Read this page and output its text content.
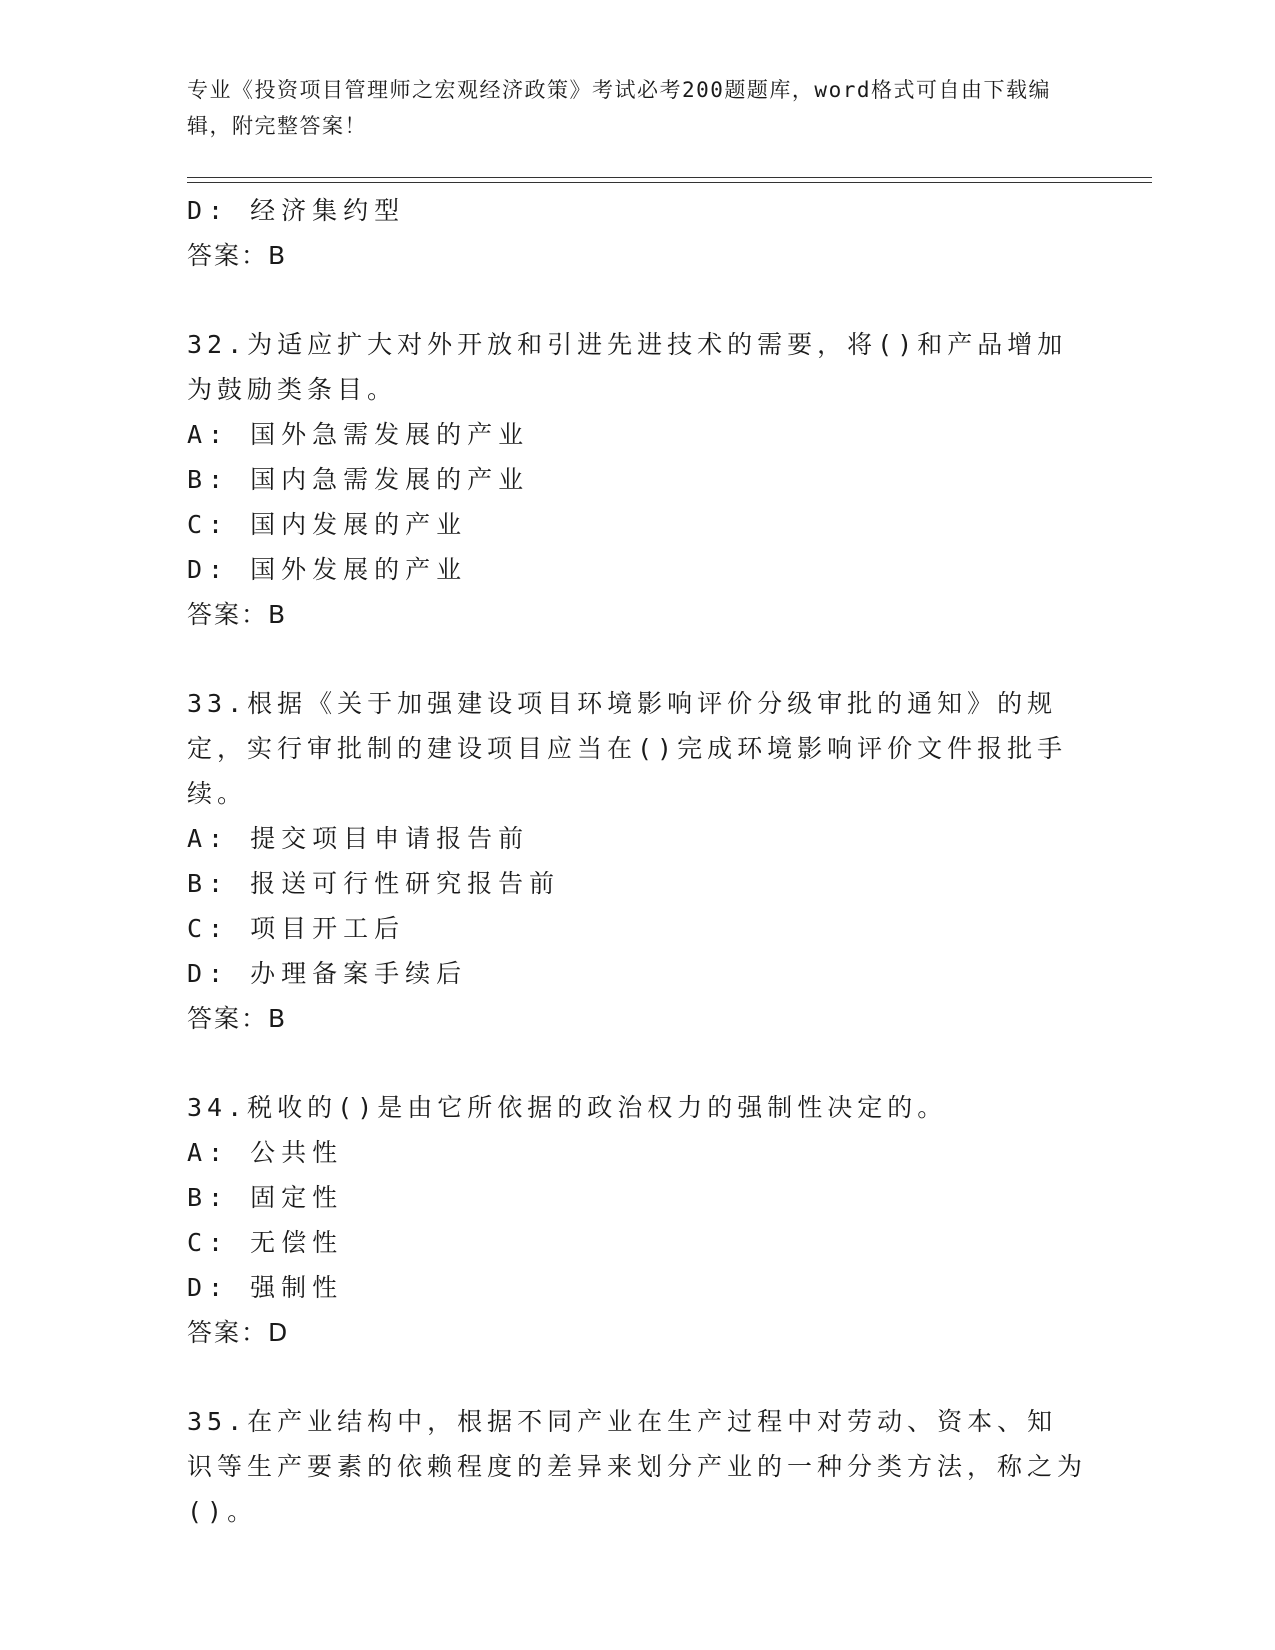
专业《投资项目管理师之宏观经济政策》考试必考200题题库，word格式可自由下载编辑，附完整答案！
D: 经济集约型
答案：B
32.为适应扩大对外开放和引进先进技术的需要，将()和产品增加为鼓励类条目。
A: 国外急需发展的产业
B: 国内急需发展的产业
C: 国内发展的产业
D: 国外发展的产业
答案：B
33.根据《关于加强建设项目环境影响评价分级审批的通知》的规定，实行审批制的建设项目应当在()完成环境影响评价文件报批手续。
A: 提交项目申请报告前
B: 报送可行性研究报告前
C: 项目开工后
D: 办理备案手续后
答案：B
34.税收的()是由它所依据的政治权力的强制性决定的。
A: 公共性
B: 固定性
C: 无偿性
D: 强制性
答案：D
35.在产业结构中，根据不同产业在生产过程中对劳动、资本、知识等生产要素的依赖程度的差异来划分产业的一种分类方法，称之为()。
